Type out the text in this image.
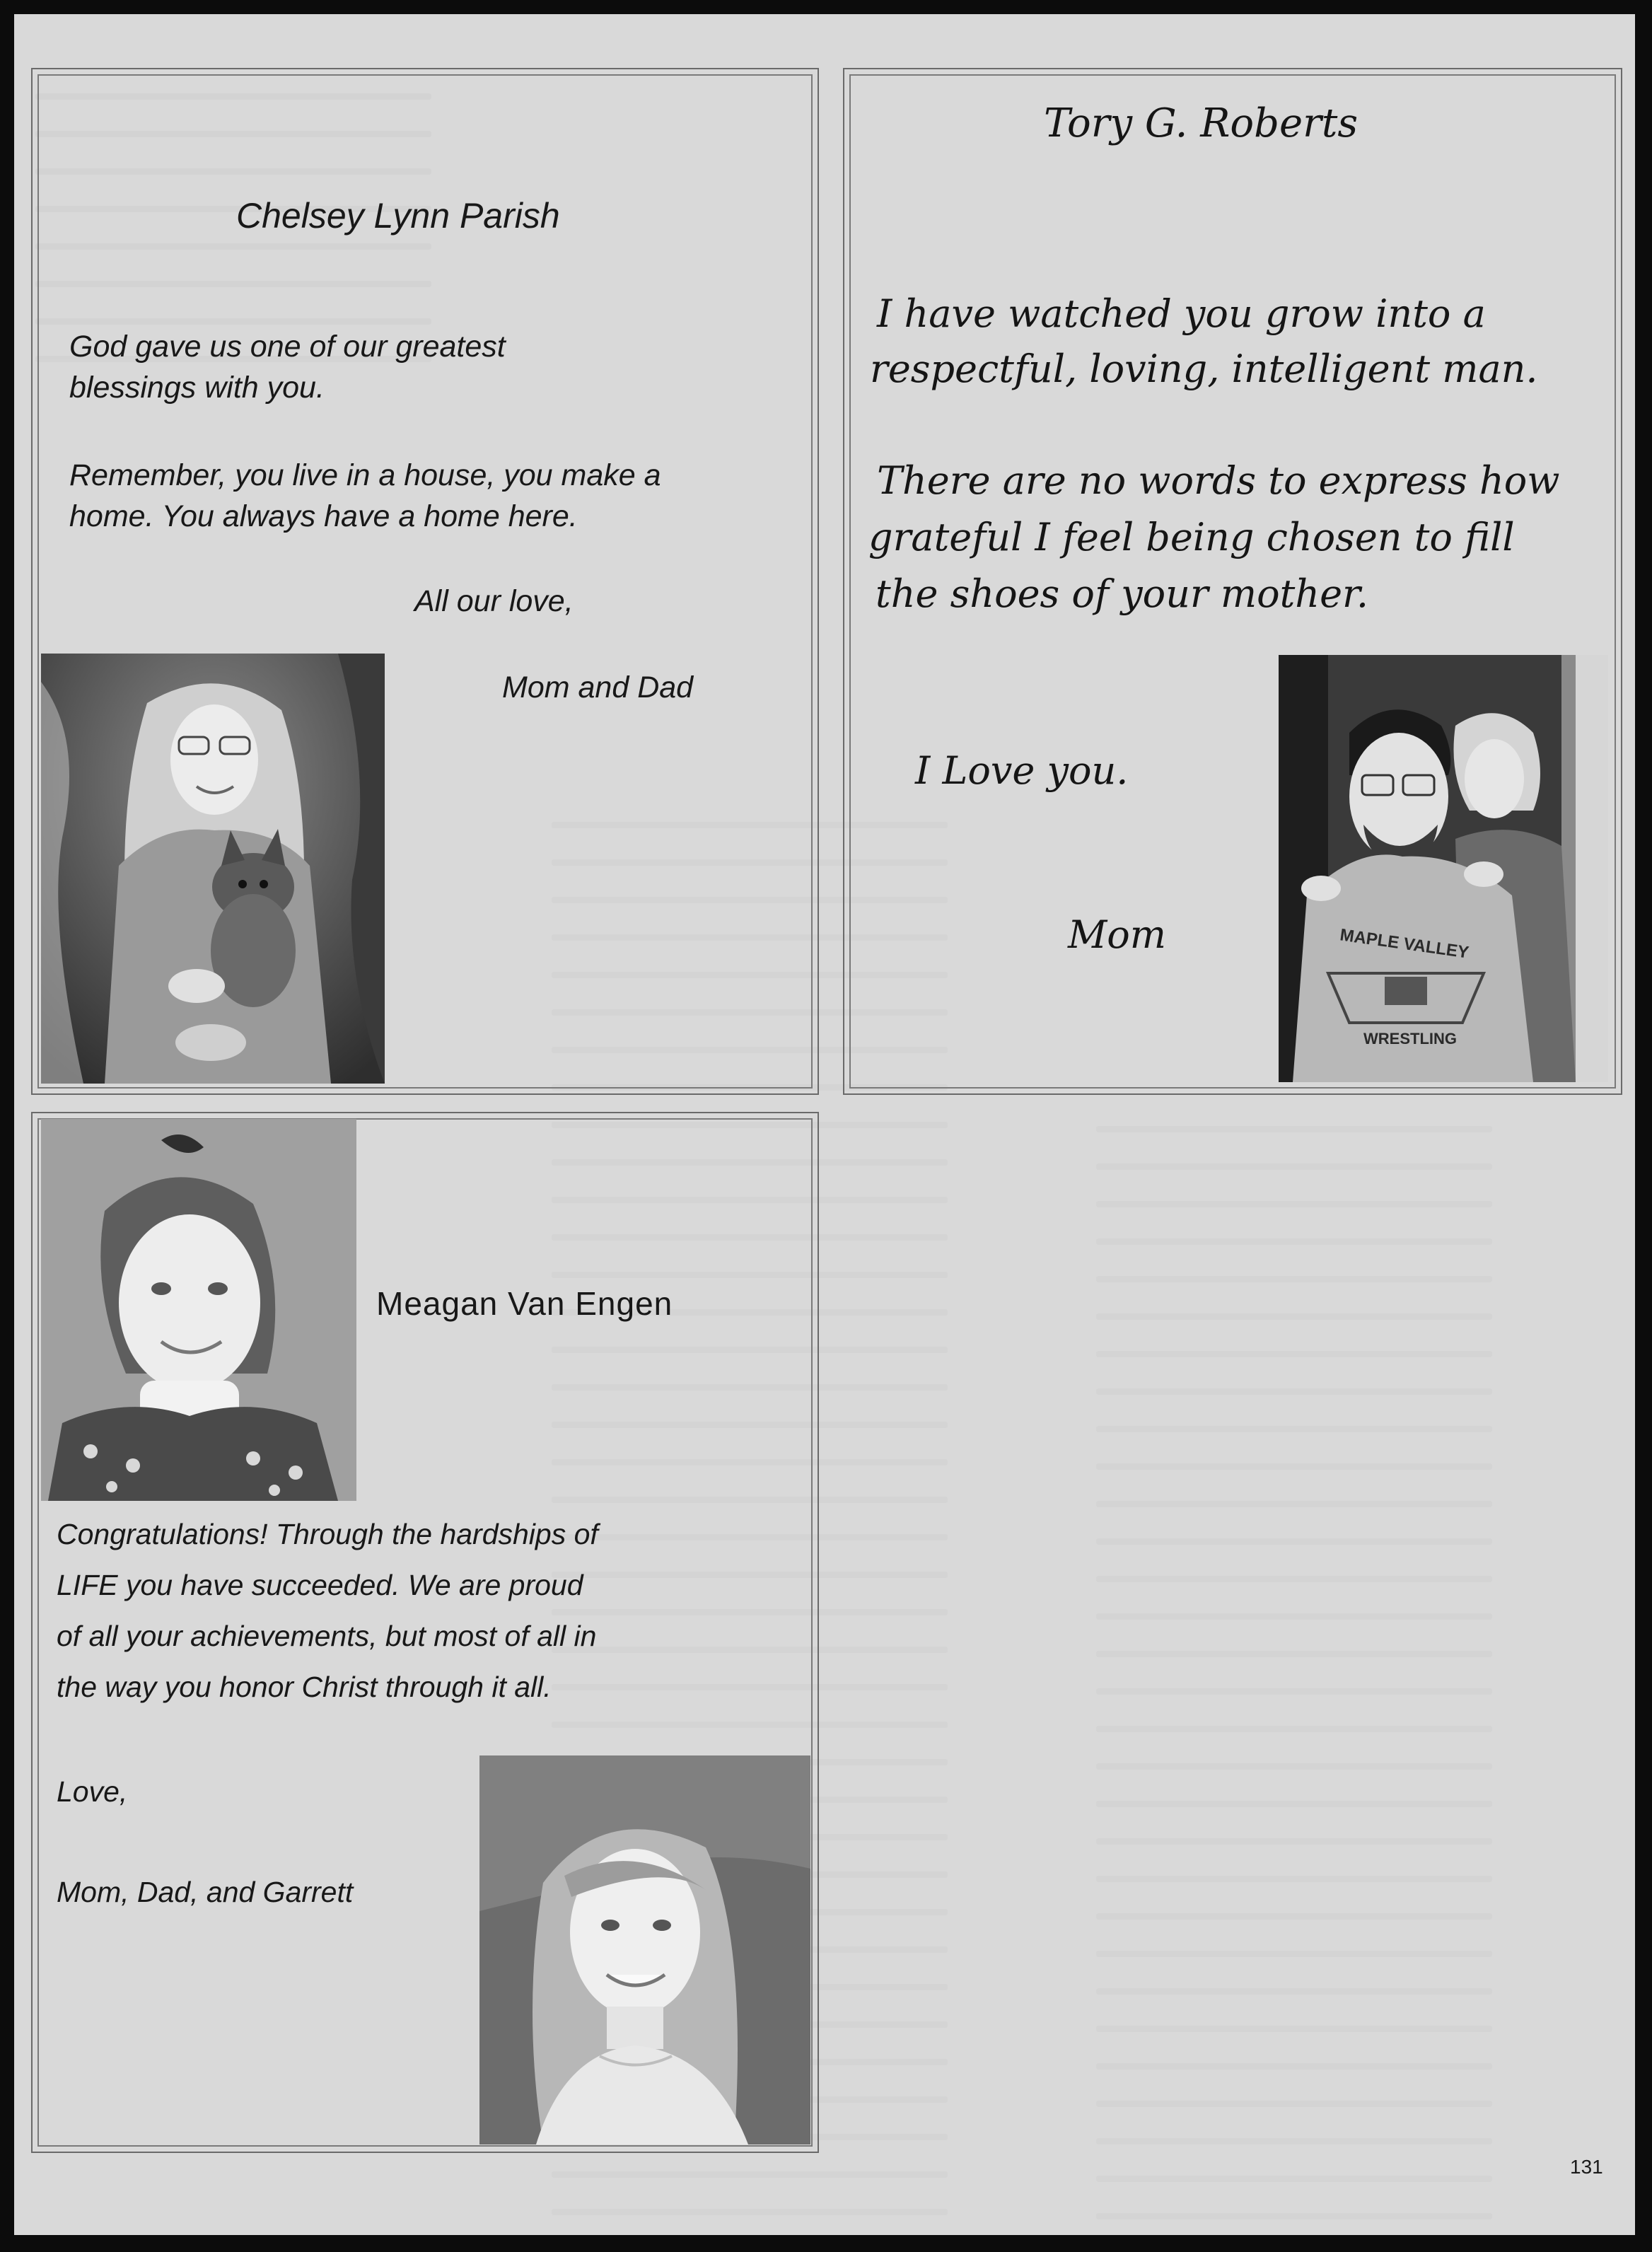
Chelsey Lynn Parish
God gave us one of our greatest
blessings with you.
Remember, you live in a house, you make a
home. You always have a home here.
All our love,
Mom and Dad
Tory G. Roberts
I have watched you grow into a
respectful, loving, intelligent man.
There are no words to express how
grateful I feel being chosen to fill
the shoes of your mother.
I Love you.
Mom	MAPLE VALLEY
WRESTLING
Meagan Van Engen
Congratulations! Through the hardships of
LIFE you have succeeded. We are proud
of all your achievements, but most of all in
the way you honor Christ through it all.
Love,
Mom, Dad, and Garrett
131
